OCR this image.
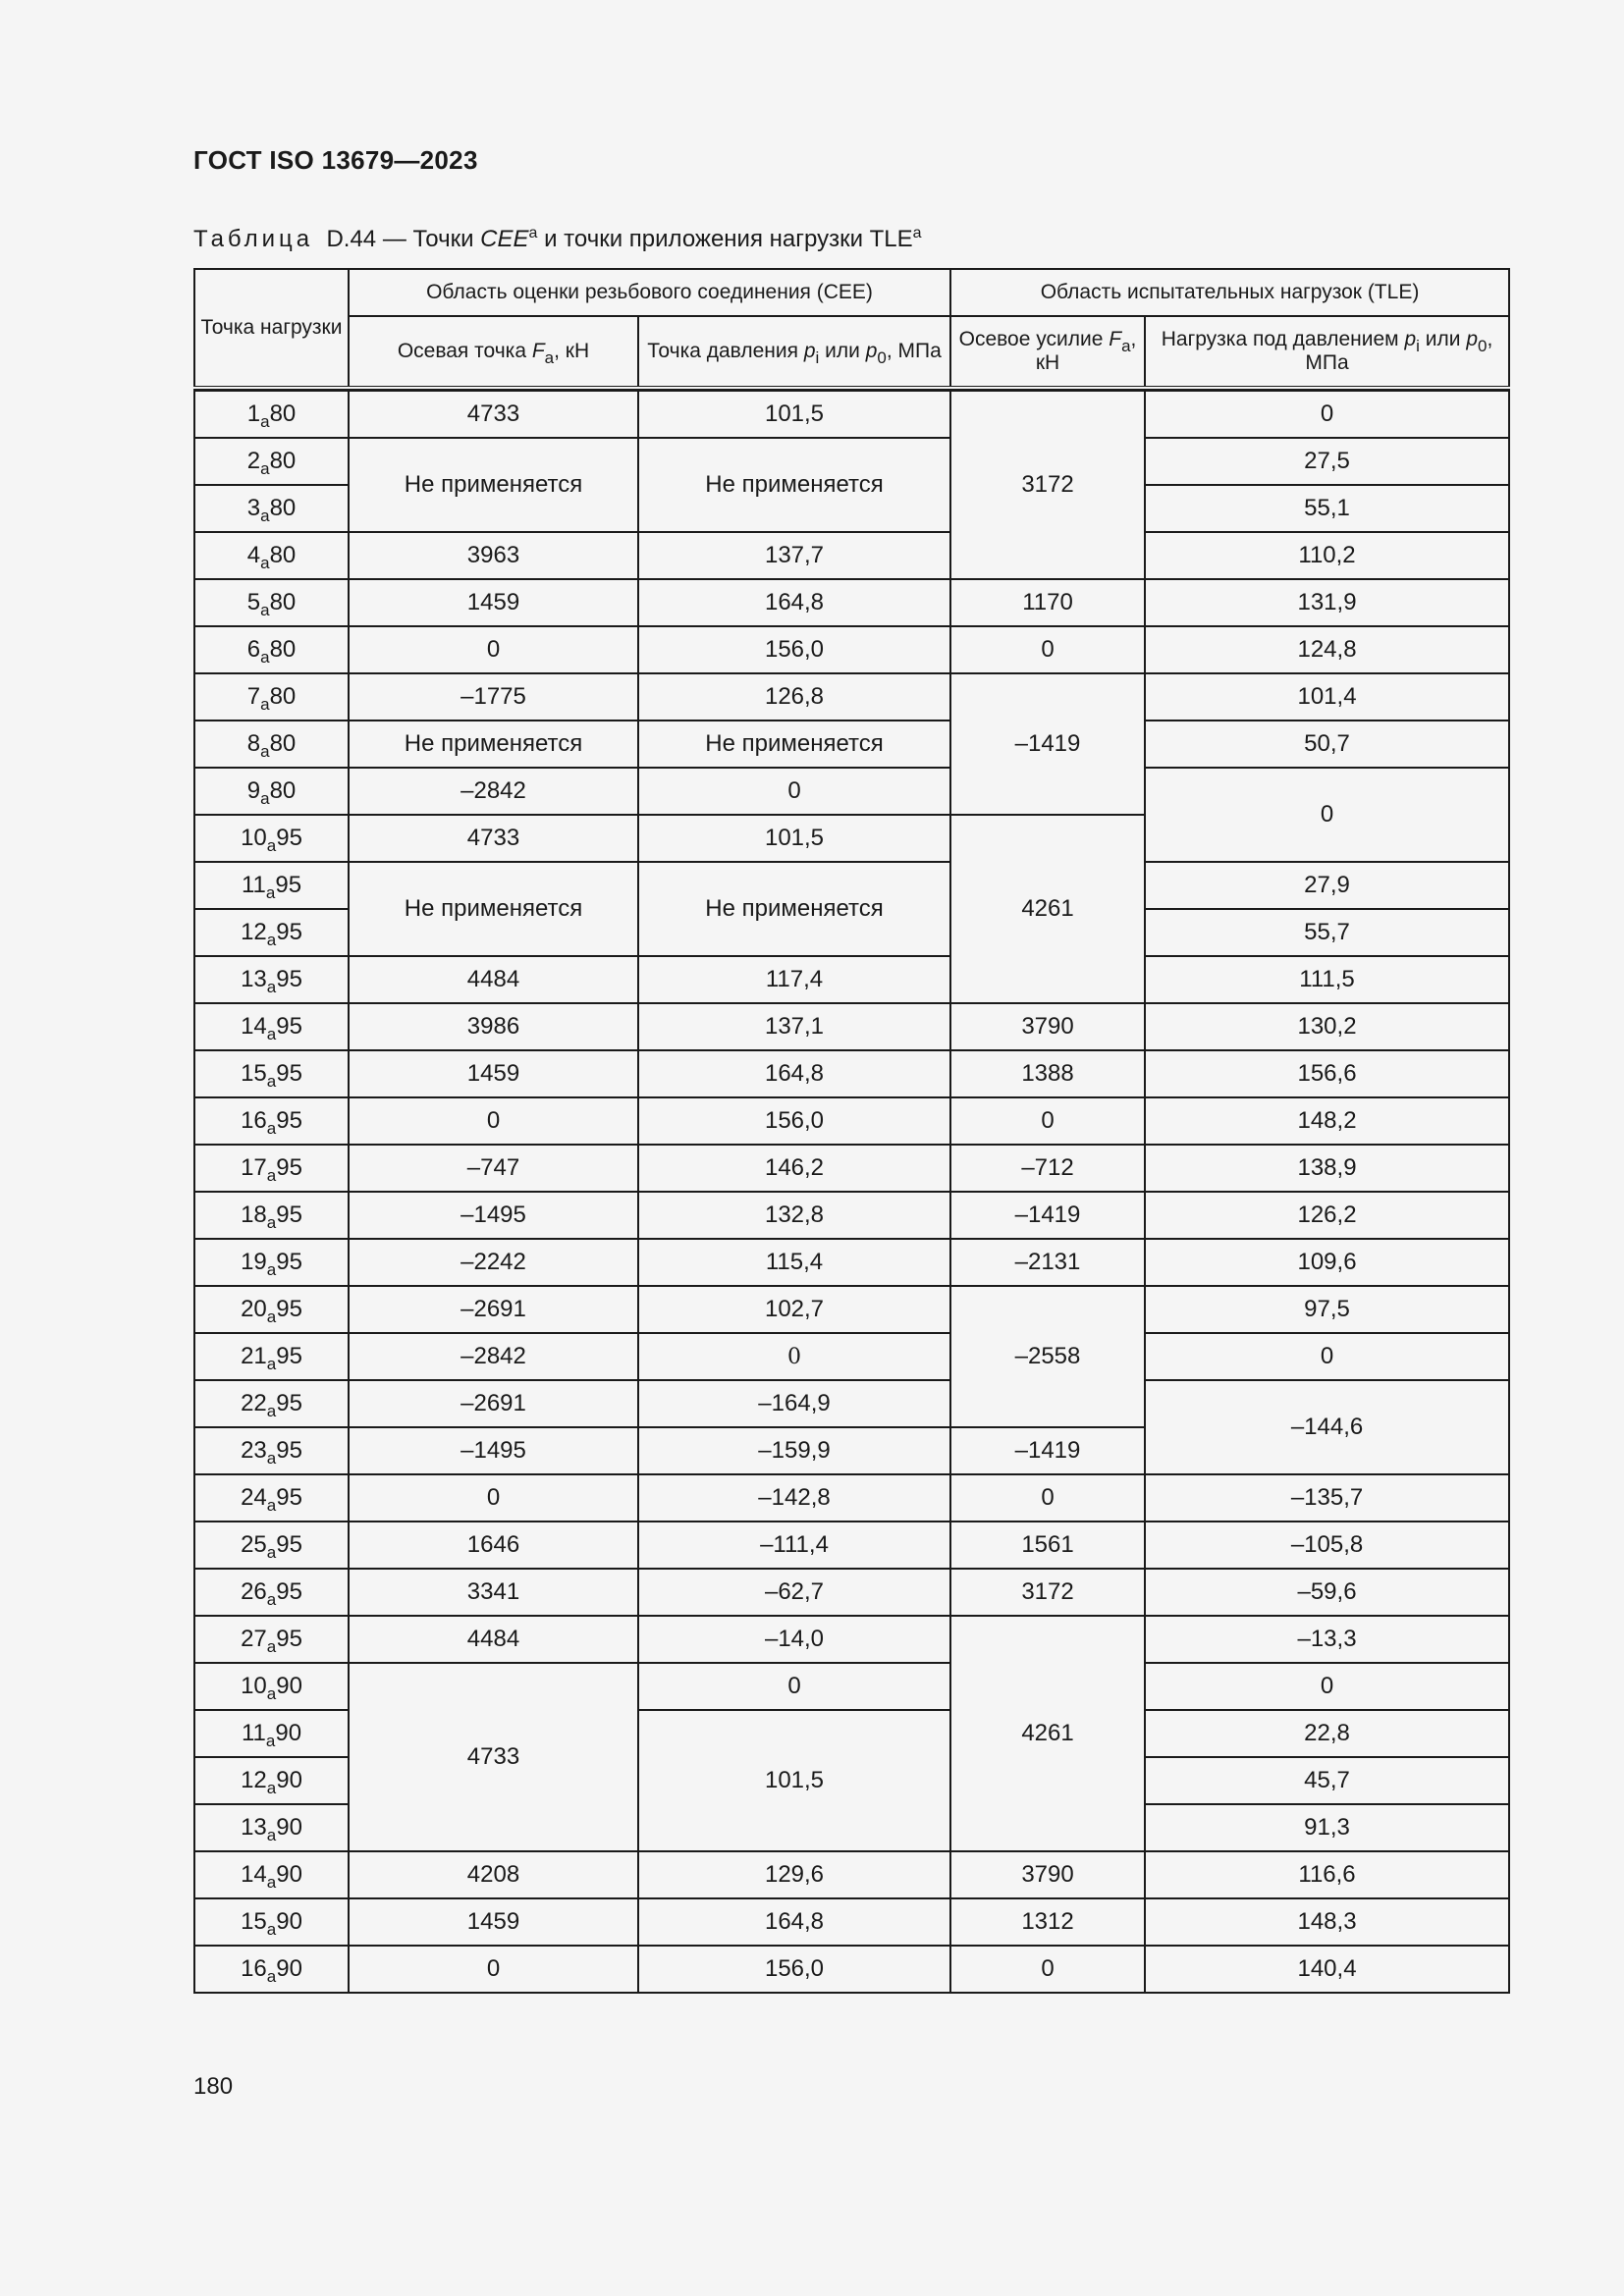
ГОСТ ISO 13679—2023
Таблица D.44 — Точки CEE$^a$ и точки приложения нагрузки TLE$^a$
Точка нагрузки	Область оценки резьбового соединения (CEE)		Область испытательных нагрузок (TLE)	
	Осевая точка $F_a$, кН	Точка давления $p_i$ или $p_0$, МПа	Осевое усилие $F_a$, кН	Нагрузка под давлением $p_i$ или $p_0$, МПа

$1_a80$	4733	101,5	3172	0
$2_a80$	Не применяется	Не применяется		27,5
$3_a80$				55,1
$4_a80$	3963	137,7		110,2
$5_a80$	1459	164,8	1170	131,9
$6_a80$	0	156,0	0	124,8
$7_a80$	–1775	126,8	–1419	101,4
$8_a80$	Не применяется	Не применяется		50,7
$9_a80$	–2842	0		0
$10_a95$	4733	101,5	4261	
$11_a95$	Не применяется	Не применяется		27,9
$12_a95$				55,7
$13_a95$	4484	117,4		111,5
$14_a95$	3986	137,1	3790	130,2
$15_a95$	1459	164,8	1388	156,6
$16_a95$	0	156,0	0	148,2
$17_a95$	–747	146,2	–712	138,9
$18_a95$	–1495	132,8	–1419	126,2
$19_a95$	–2242	115,4	–2131	109,6
$20_a95$	–2691	102,7	–2558	97,5
$21_a95$	–2842	0		0
$22_a95$	–2691	–164,9		–144,6
$23_a95$	–1495	–159,9	–1419	
$24_a95$	0	–142,8	0	–135,7
$25_a95$	1646	–111,4	1561	–105,8
$26_a95$	3341	–62,7	3172	–59,6
$27_a95$	4484	–14,0	4261	–13,3
$10_a90$	4733	0		0
$11_a90$		101,5		22,8
$12_a90$				45,7
$13_a90$				91,3
$14_a90$	4208	129,6	3790	116,6
$15_a90$	1459	164,8	1312	148,3
$16_a90$	0	156,0	0	140,4
180
